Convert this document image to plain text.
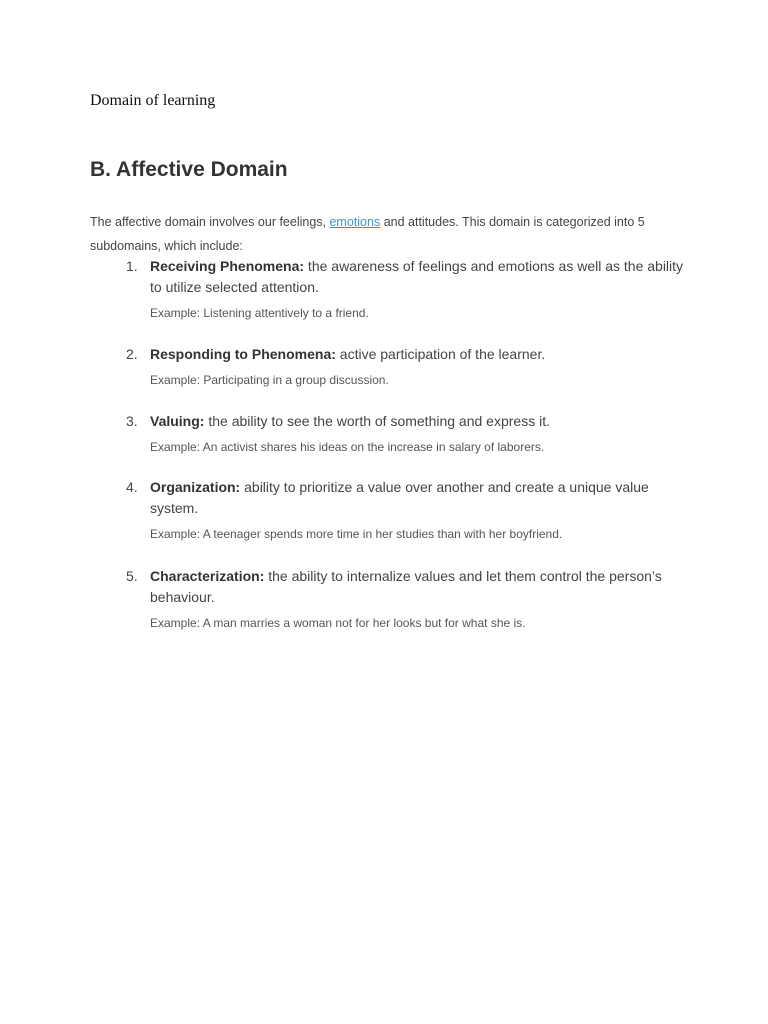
Domain of learning

B. Affective Domain

The affective domain involves our feelings, emotions and attitudes. This domain is categorized into 5 subdomains, which include:

1. Receiving Phenomena: the awareness of feelings and emotions as well as the ability to utilize selected attention.

Example: Listening attentively to a friend.

2. Responding to Phenomena: active participation of the learner.

Example: Participating in a group discussion.

3. Valuing: the ability to see the worth of something and express it.

Example: An activist shares his ideas on the increase in salary of laborers.

4. Organization: ability to prioritize a value over another and create a unique value system.

Example: A teenager spends more time in her studies than with her boyfriend.

5. Characterization: the ability to internalize values and let them control the person’s behaviour.

Example: A man marries a woman not for her looks but for what she is.
